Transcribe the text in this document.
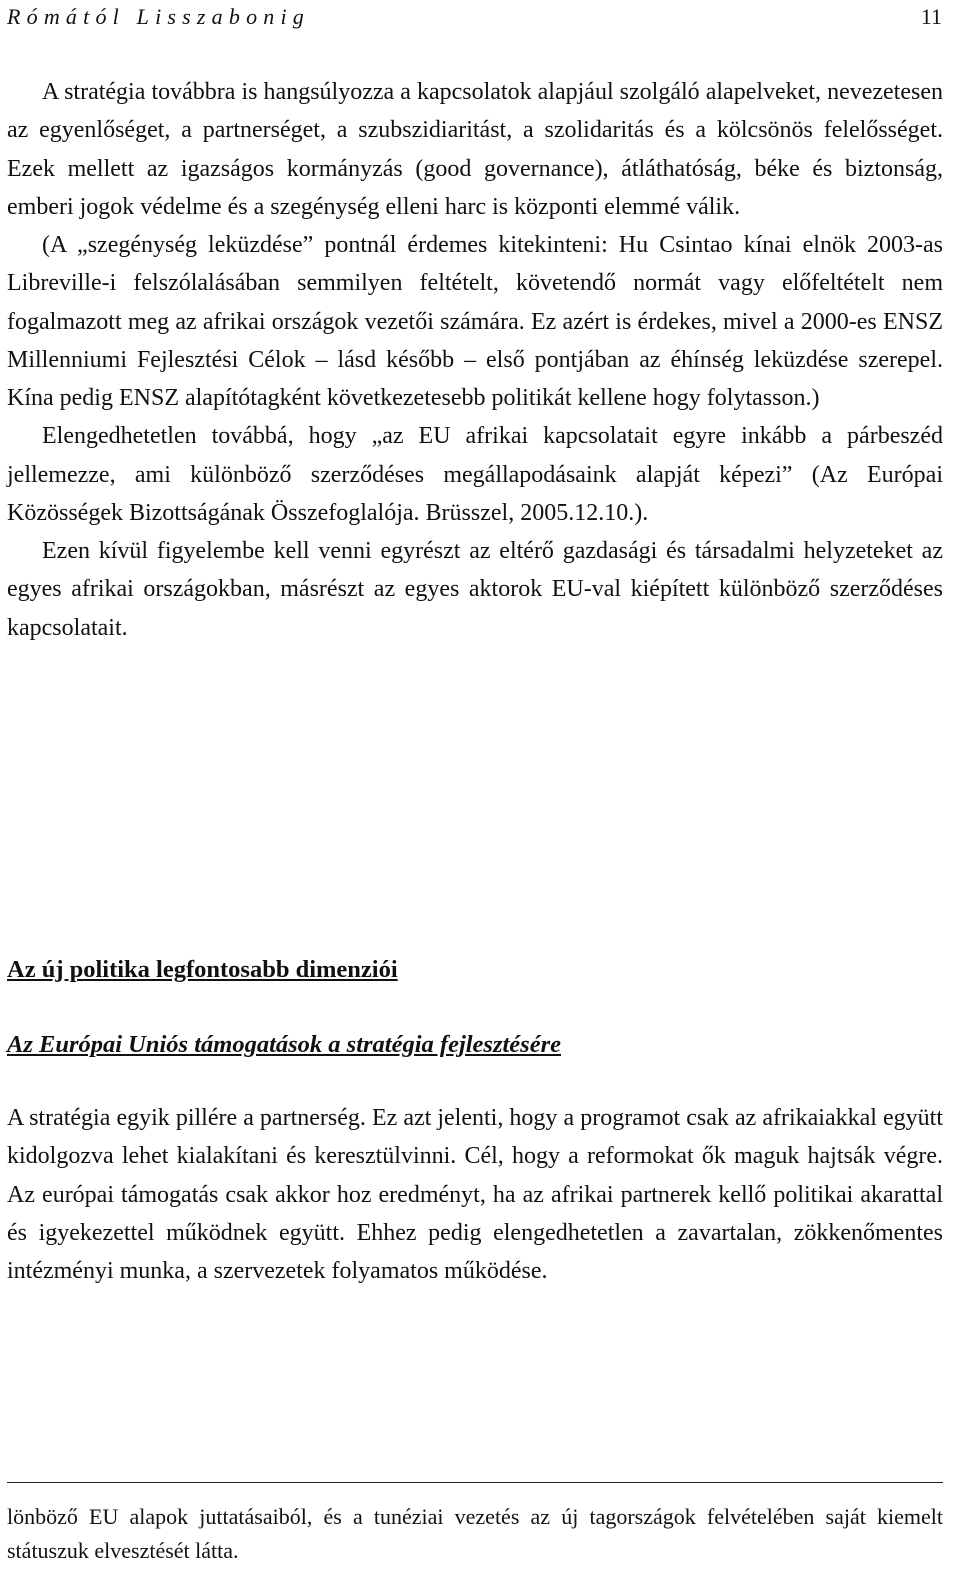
Rómától Lisszabonig	11

A stratégia továbbra is hangsúlyozza a kapcsolatok alapjául szolgáló alapelveket, nevezetesen az egyenlőséget, a partnerséget, a szubszidiaritást, a szolidaritás és a kölcsönös felelősséget. Ezek mellett az igazságos kormányzás (good governance), átláthatóság, béke és biztonság, emberi jogok védelme és a szegénység elleni harc is központi elemmé válik.

(A „szegénység leküzdése” pontnál érdemes kitekinteni: Hu Csintao kínai elnök 2003-as Libreville-i felszólalásában semmilyen feltételt, követendő normát vagy előfeltételt nem fogalmazott meg az afrikai országok vezetői számára. Ez azért is érdekes, mivel a 2000-es ENSZ Millenniumi Fejlesztési Célok – lásd később – első pontjában az éhínség leküzdése szerepel. Kína pedig ENSZ alapítótagként következetesebb politikát kellene hogy folytasson.)

Elengedhetetlen továbbá, hogy „az EU afrikai kapcsolatait egyre inkább a párbeszéd jellemezze, ami különböző szerződéses megállapodásaink alapját képezi” (Az Európai Közösségek Bizottságának Összefoglalója. Brüsszel, 2005.12.10.).

Ezen kívül figyelembe kell venni egyrészt az eltérő gazdasági és társadalmi helyzeteket az egyes afrikai országokban, másrészt az egyes aktorok EU-val kiépített különböző szerződéses kapcsolatait.

Az új politika legfontosabb dimenziói
Az Európai Uniós támogatások a stratégia fejlesztésére

A stratégia egyik pillére a partnerség. Ez azt jelenti, hogy a programot csak az afrikaiakkal együtt kidolgozva lehet kialakítani és keresztülvinni. Cél, hogy a reformokat ők maguk hajtsák végre. Az európai támogatás csak akkor hoz eredményt, ha az afrikai partnerek kellő politikai akarattal és igyekezettel működnek együtt. Ehhez pedig elengedhetetlen a zavartalan, zökkenőmentes intézményi munka, a szervezetek folyamatos működése.

lönböző EU alapok juttatásaiból, és a tunéziai vezetés az új tagországok felvételében saját kiemelt státuszuk elvesztését látta.
